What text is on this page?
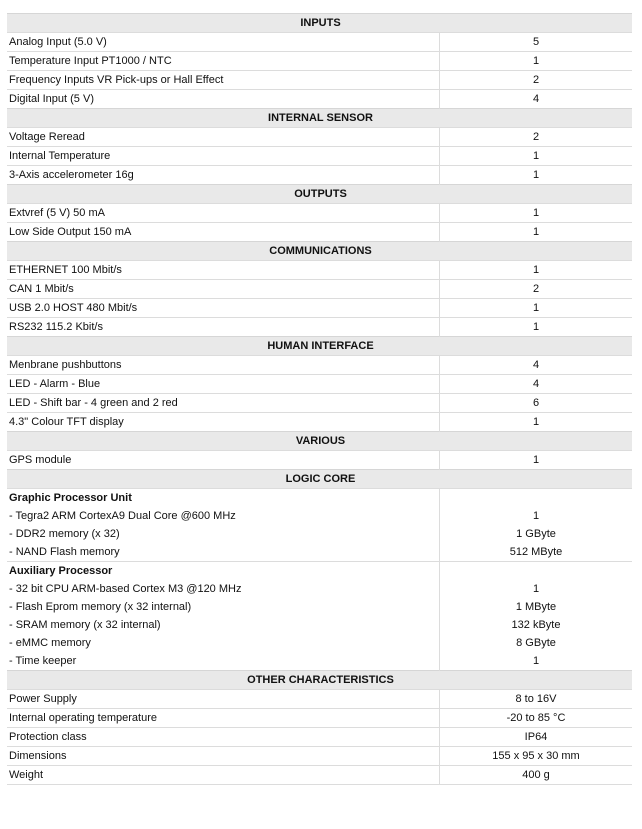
INPUTS	
Analog Input (5.0 V)	5
Temperature Input PT1000 / NTC	1
Frequency Inputs VR Pick-ups or Hall Effect	2
Digital Input (5 V)	4
INTERNAL SENSOR	
Voltage Reread	2
Internal Temperature	1
3-Axis accelerometer 16g	1
OUTPUTS	
Extvref (5 V) 50 mA	1
Low Side Output 150 mA	1
COMMUNICATIONS	
ETHERNET 100 Mbit/s	1
CAN 1 Mbit/s	2
USB 2.0 HOST 480 Mbit/s	1
RS232 115.2 Kbit/s	1
HUMAN INTERFACE	
Menbrane pushbuttons	4
LED - Alarm - Blue	4
LED - Shift bar - 4 green and 2 red	6
4.3" Colour TFT display	1
VARIOUS	
GPS module	1
LOGIC CORE	
Graphic Processor Unit	
- Tegra2 ARM CortexA9 Dual Core @600 MHz	1
- DDR2 memory (x 32)	1 GByte
- NAND Flash memory	512 MByte
Auxiliary Processor	
- 32 bit CPU ARM-based Cortex M3 @120 MHz	1
- Flash Eprom memory (x 32 internal)	1 MByte
- SRAM memory (x 32 internal)	132 kByte
- eMMC memory	8 GByte
- Time keeper	1
OTHER CHARACTERISTICS	
Power Supply	8 to 16V
Internal operating temperature	-20 to 85 °C
Protection class	IP64
Dimensions	155 x 95 x 30 mm
Weight	400 g
